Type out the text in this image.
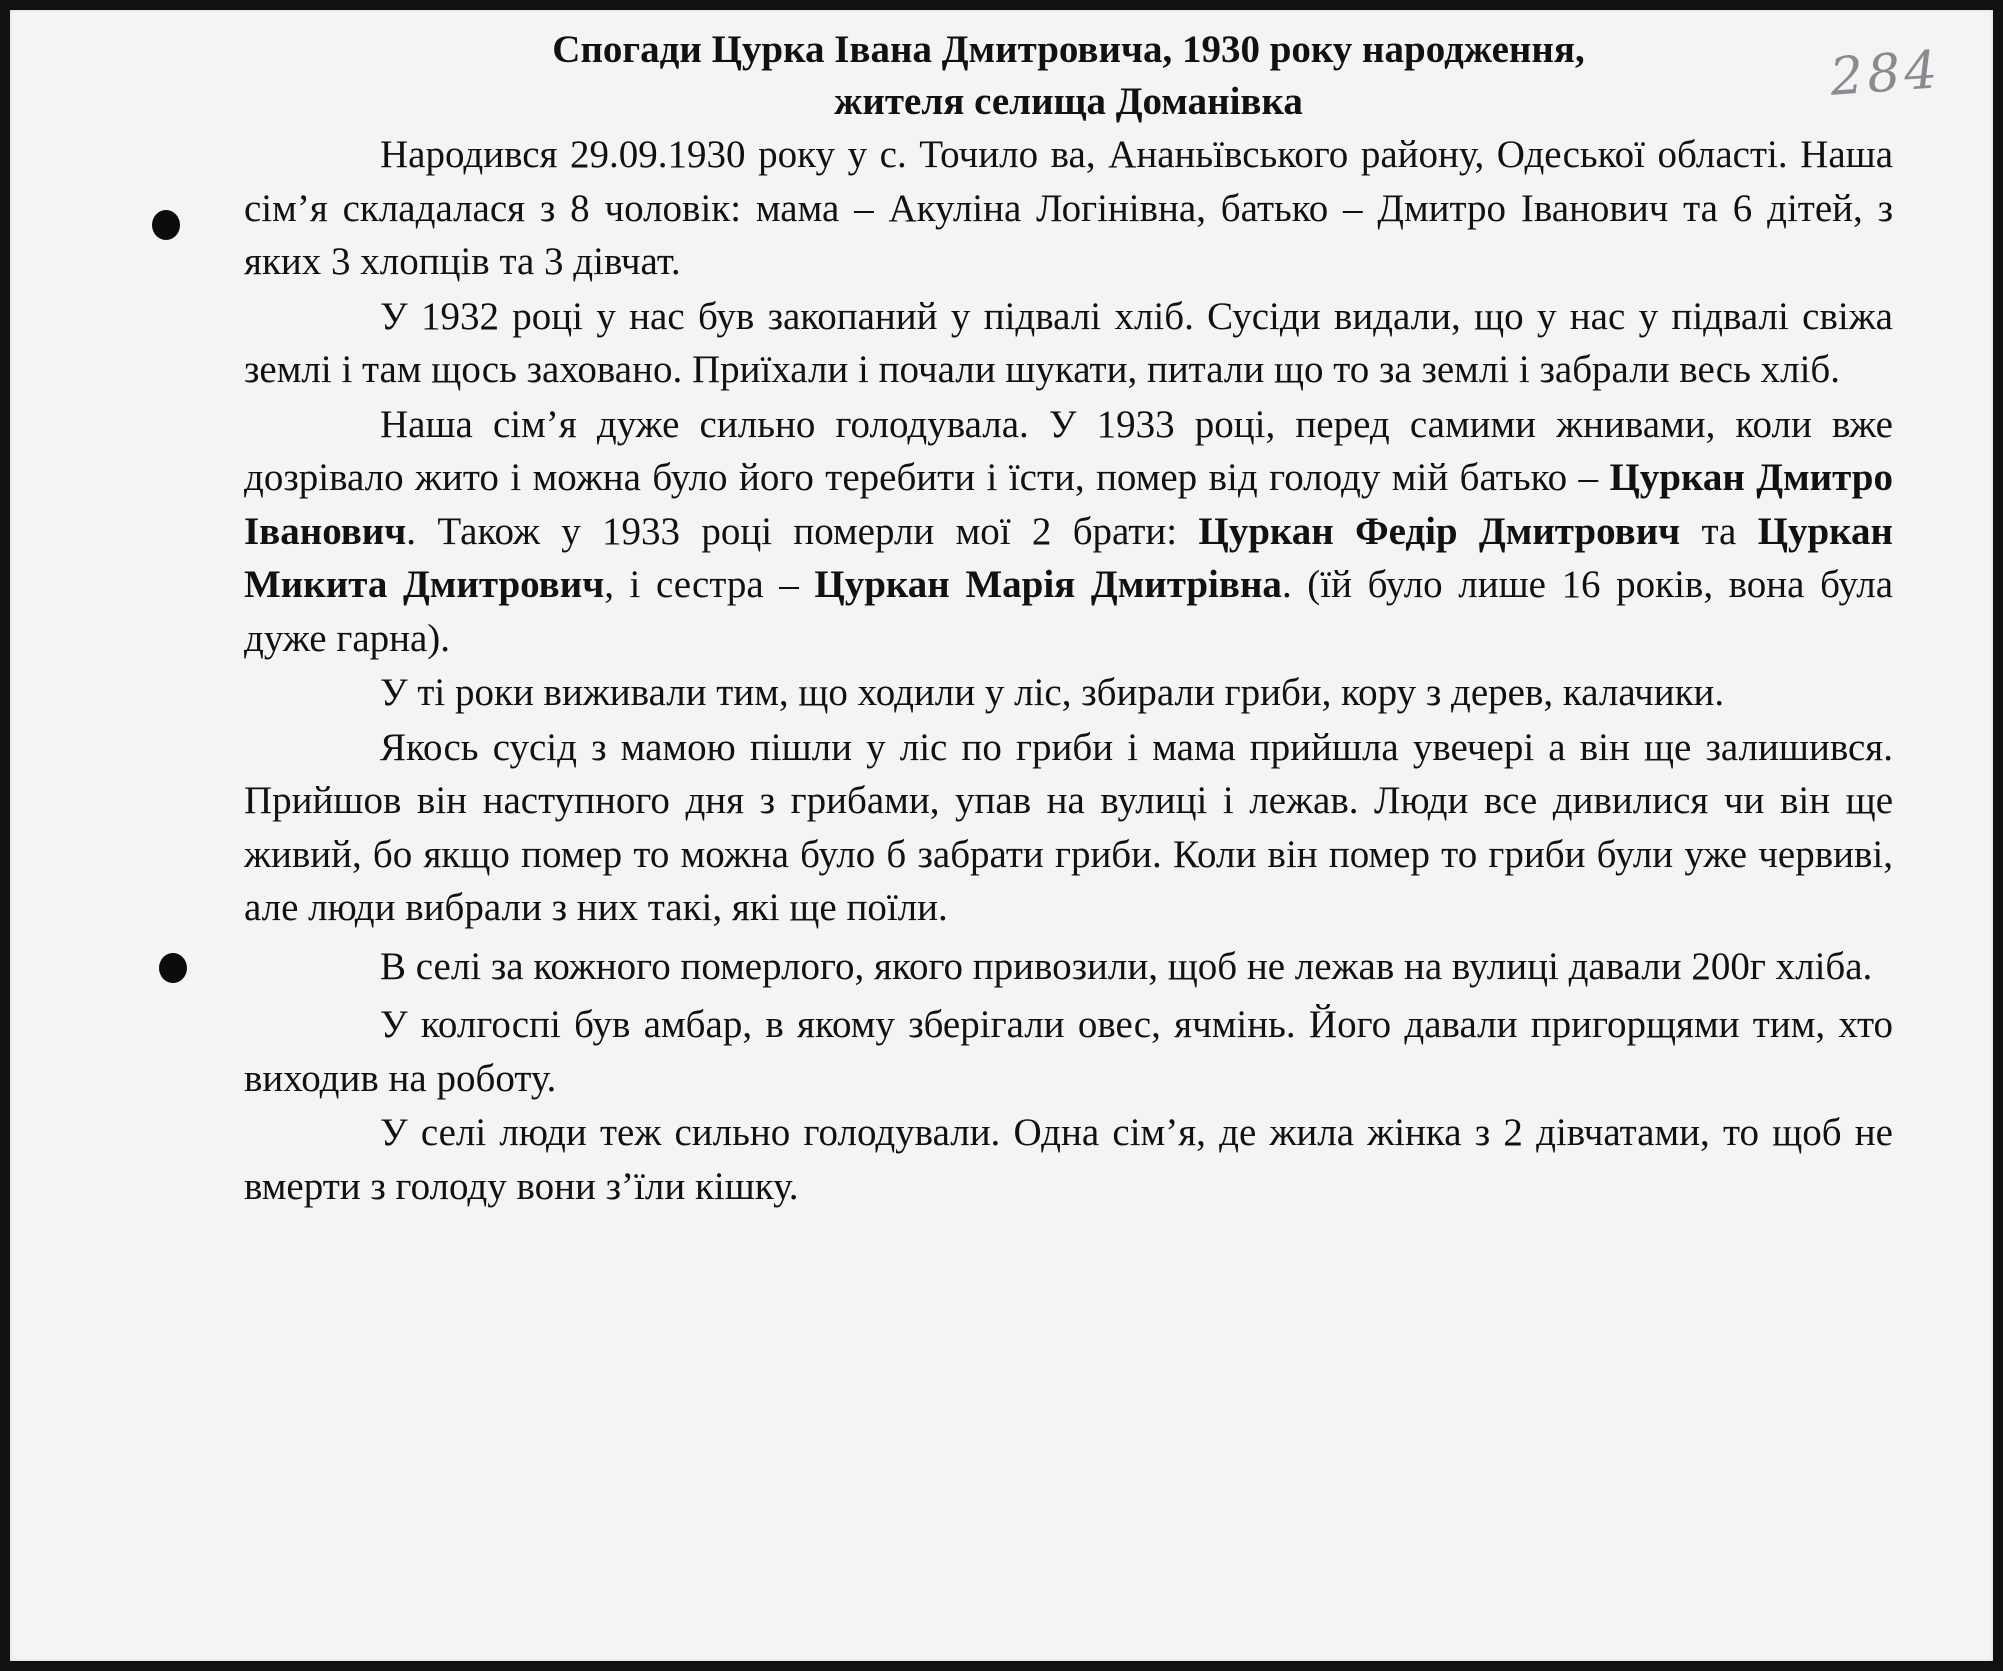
284
Спогади Цурка Івана Дмитровича, 1930 року народження,
жителя селища Доманівка

Народився 29.09.1930 року у с. Точило ва, Ананьївського району, Одеської області. Наша сім’я складалася з 8 чоловік: мама – Акуліна Логінівна, батько – Дмитро Іванович та 6 дітей, з яких 3 хлопців та 3 дівчат.

У 1932 році у нас був закопаний у підвалі хліб. Сусіди видали, що у нас у підвалі свіжа землі і там щось заховано. Приїхали і почали шукати, питали що то за землі і забрали весь хліб.

Наша сім’я дуже сильно голодувала. У 1933 році, перед самими жнивами, коли вже дозрівало жито і можна було його теребити і їсти, помер від голоду мій батько – Цуркан Дмитро Іванович. Також у 1933 році померли мої 2 брати: Цуркан Федір Дмитрович та Цуркан Микита Дмитрович, і сестра – Цуркан Марія Дмитрівна. (їй було лише 16 років, вона була дуже гарна).

У ті роки виживали тим, що ходили у ліс, збирали гриби, кору з дерев, калачики.

Якось сусід з мамою пішли у ліс по гриби і мама прийшла увечері а він ще залишився. Прийшов він наступного дня з грибами, упав на вулиці і лежав. Люди все дивилися чи він ще живий, бо якщо помер то можна було б забрати гриби. Коли він помер то гриби були уже червиві, але люди вибрали з них такі, які ще поїли.

В селі за кожного померлого, якого привозили, щоб не лежав на вулиці давали 200г хліба.

У колгоспі був амбар, в якому зберігали овес, ячмінь. Його давали пригорщями тим, хто виходив на роботу.

У селі люди теж сильно голодували. Одна сім’я, де жила жінка з 2 дівчатами, то щоб не вмерти з голоду вони з’їли кішку.
